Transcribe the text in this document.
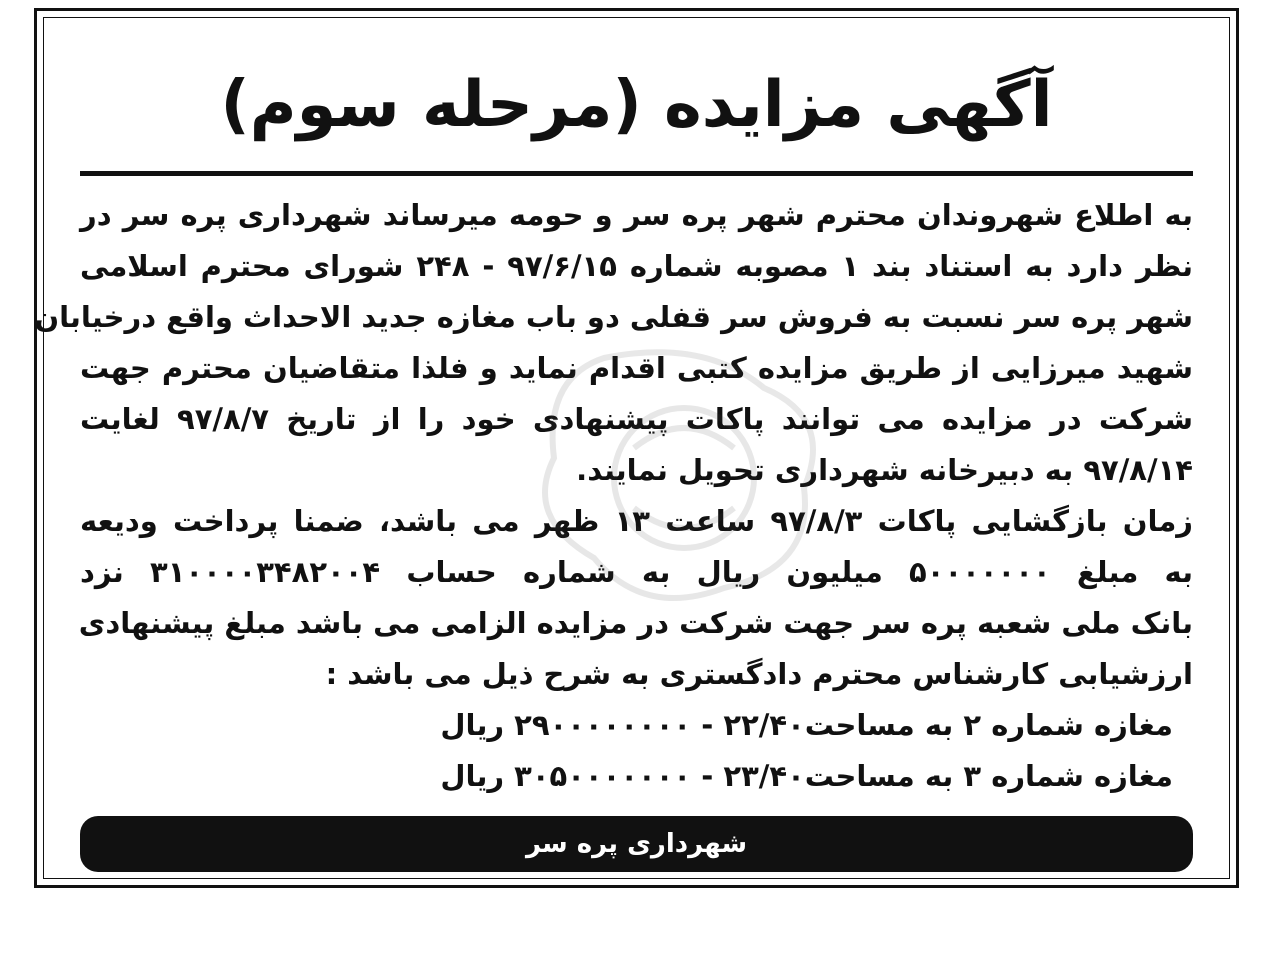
آگهی مزایده (مرحله سوم)
به اطلاع شهروندان محترم شهر پره سر و حومه میرساند شهرداری پره سر در
نظر دارد به استناد بند ۱ مصوبه شماره ۹۷/۶/۱۵ - ۲۴۸ شورای محترم اسلامی
شهر پره سر نسبت به فروش سر قفلی دو باب مغازه جدید الاحداث واقع درخیابان
شهید میرزایی از طریق مزایده کتبی اقدام نماید و فلذا متقاضیان محترم جهت
شرکت در مزایده می توانند پاکات پیشنهادی خود را از تاریخ ۹۷/۸/۷ لغایت
۹۷/۸/۱۴ به دبیرخانه شهرداری تحویل نمایند.
زمان بازگشایی پاکات ۹۷/۸/۳ ساعت ۱۳ ظهر می باشد، ضمنا پرداخت ودیعه
به مبلغ ۵۰۰۰۰۰۰۰ میلیون ریال به شماره حساب ۳۱۰۰۰۰۳۴۸۲۰۰۴ نزد
بانک ملی شعبه پره سر جهت شرکت در مزایده الزامی می باشد مبلغ پیشنهادی
ارزشیابی کارشناس محترم دادگستری به شرح ذیل می باشد :
مغازه شماره ۲ به مساحت۲۲/۴۰ - ۲۹۰۰۰۰۰۰۰۰ ریال
مغازه شماره ۳ به مساحت۲۳/۴۰ - ۳۰۵۰۰۰۰۰۰۰ ریال
شهرداری پره سر
